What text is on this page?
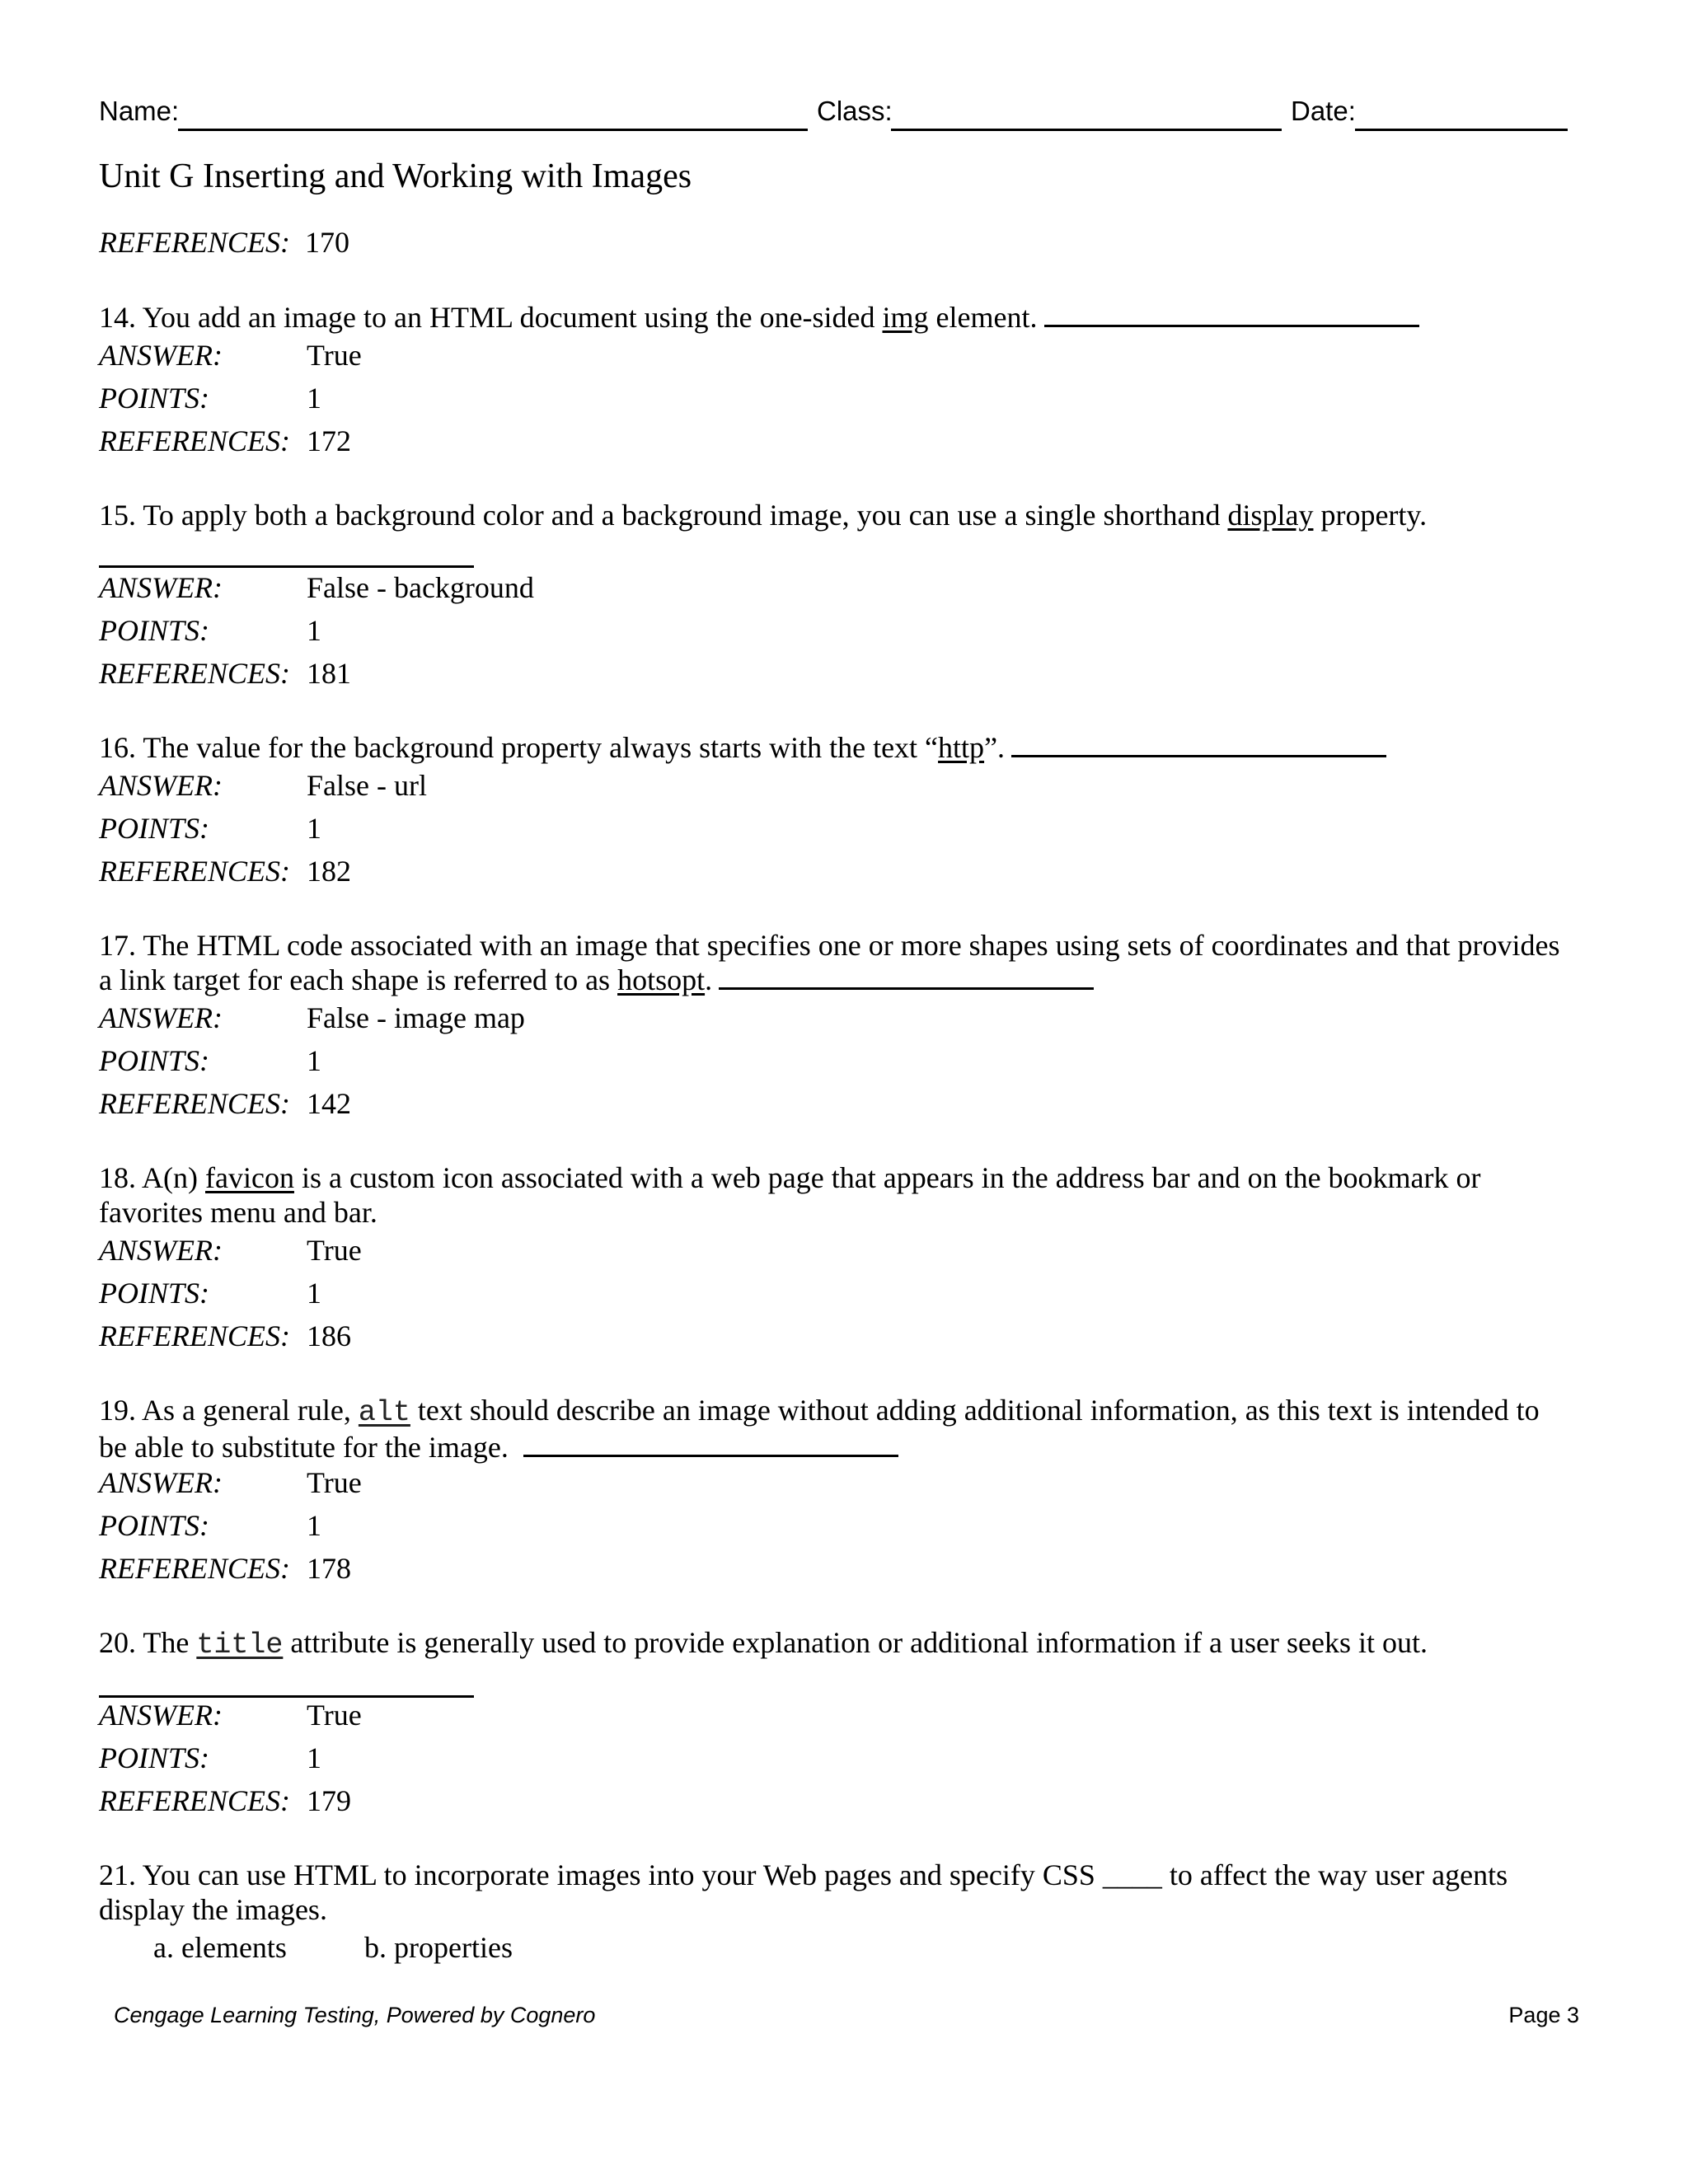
Name:	Class:	Date:
Unit G Inserting and Working with Images
REFERENCES: 170
14. You add an image to an HTML document using the one-sided img element.
ANSWER:	True
POINTS:	1
REFERENCES: 172
15. To apply both a background color and a background image, you can use a single shorthand display property.
ANSWER:	False - background
POINTS:	1
REFERENCES: 181
16. The value for the background property always starts with the text “http”.
ANSWER:	False - url
POINTS:	1
REFERENCES: 182
17. The HTML code associated with an image that specifies one or more shapes using sets of coordinates and that provides a link target for each shape is referred to as hotsopt.
ANSWER:	False - image map
POINTS:	1
REFERENCES: 142
18. A(n) favicon is a custom icon associated with a web page that appears in the address bar and on the bookmark or favorites menu and bar.
ANSWER:	True
POINTS:	1
REFERENCES: 186
19. As a general rule, alt text should describe an image without adding additional information, as this text is intended to be able to substitute for the image.
ANSWER:	True
POINTS:	1
REFERENCES: 178
20. The title attribute is generally used to provide explanation or additional information if a user seeks it out.
ANSWER:	True
POINTS:	1
REFERENCES: 179
21. You can use HTML to incorporate images into your Web pages and specify CSS ____ to affect the way user agents display the images.
a. elements	b. properties
Cengage Learning Testing, Powered by Cognero	Page 3
